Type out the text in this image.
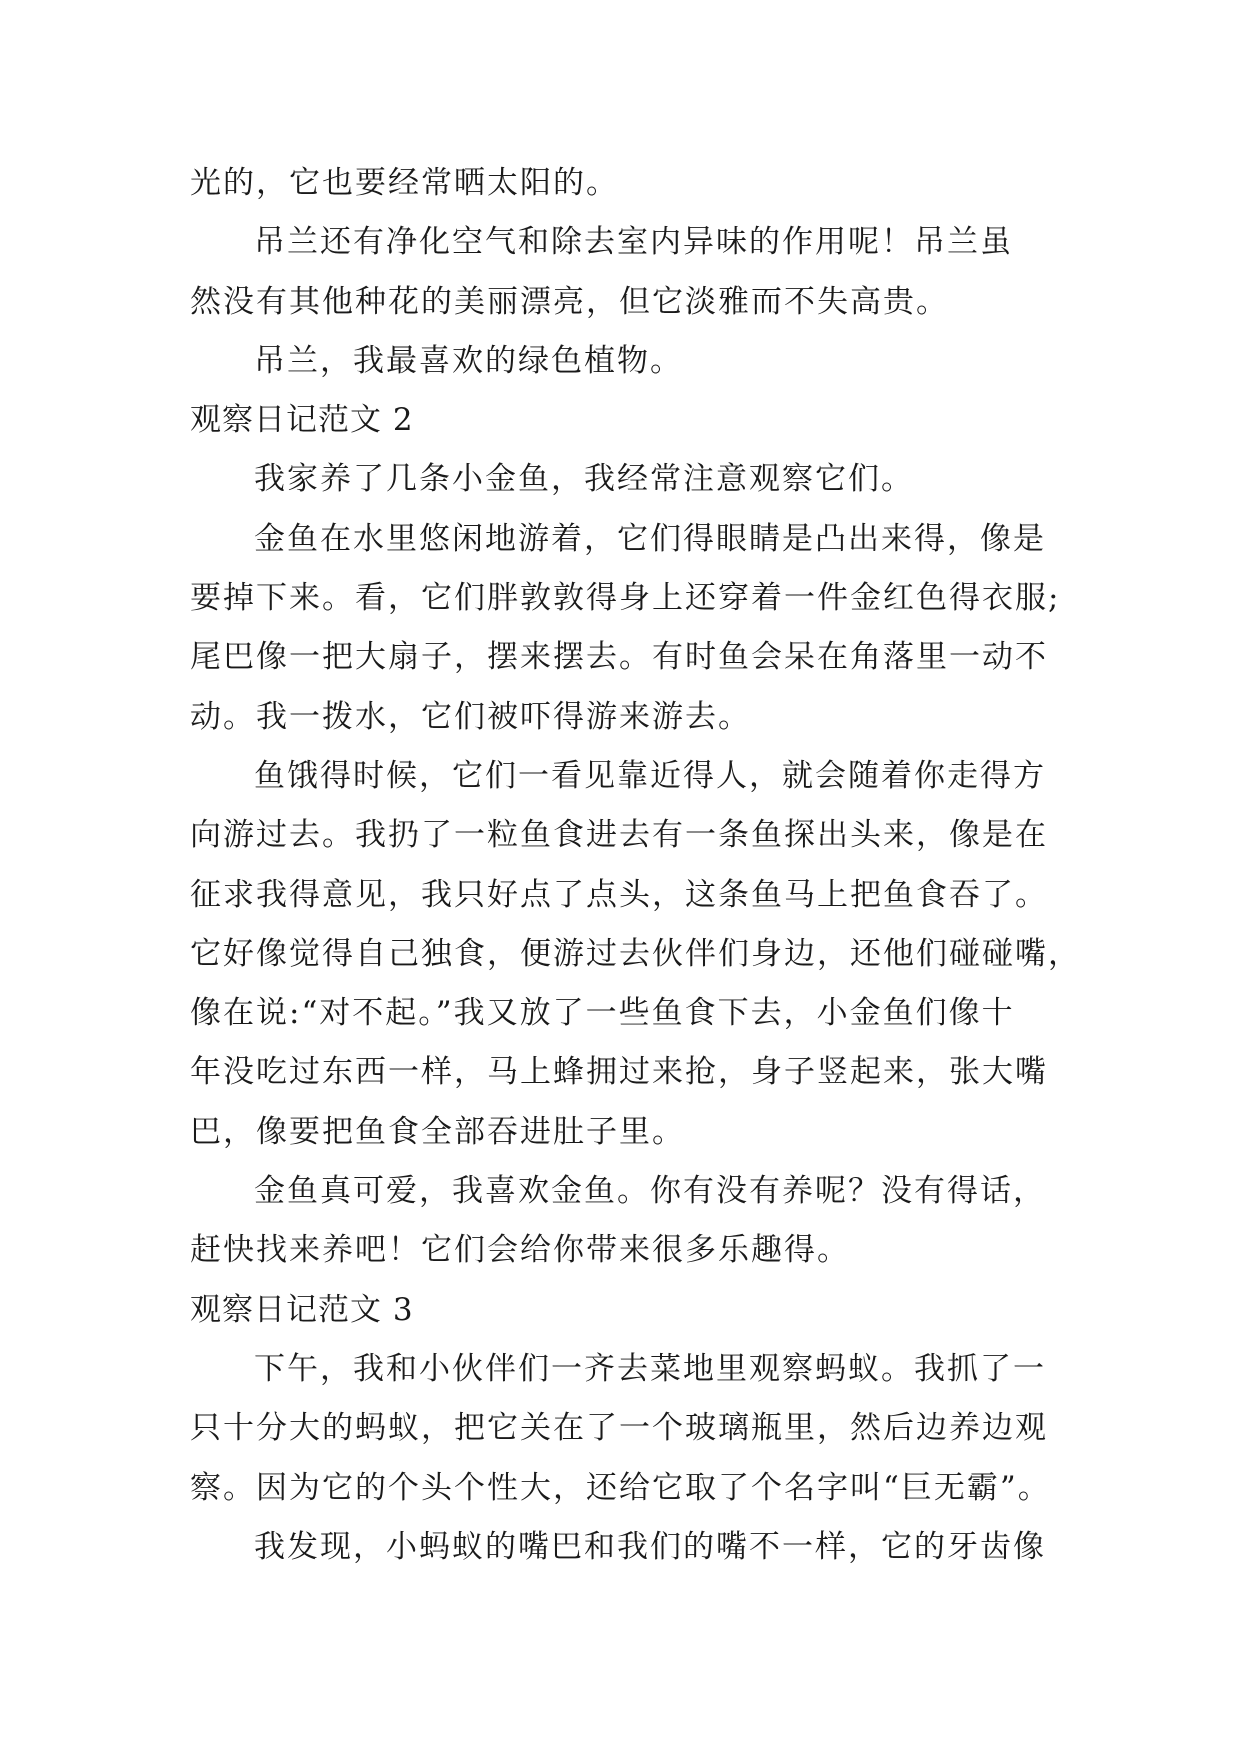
光的，它也要经常晒太阳的。
吊兰还有净化空气和除去室内异味的作用呢！吊兰虽
然没有其他种花的美丽漂亮，但它淡雅而不失高贵。
吊兰，我最喜欢的绿色植物。
观察日记范文 2
我家养了几条小金鱼，我经常注意观察它们。
金鱼在水里悠闲地游着，它们得眼睛是凸出来得，像是
要掉下来。看，它们胖敦敦得身上还穿着一件金红色得衣服;
尾巴像一把大扇子，摆来摆去。有时鱼会呆在角落里一动不
动。我一拨水，它们被吓得游来游去。
鱼饿得时候，它们一看见靠近得人，就会随着你走得方
向游过去。我扔了一粒鱼食进去有一条鱼探出头来，像是在
征求我得意见，我只好点了点头，这条鱼马上把鱼食吞了。
它好像觉得自己独食，便游过去伙伴们身边，还他们碰碰嘴，
像在说:“对不起。”我又放了一些鱼食下去，小金鱼们像十
年没吃过东西一样，马上蜂拥过来抢，身子竖起来，张大嘴
巴，像要把鱼食全部吞进肚子里。
金鱼真可爱，我喜欢金鱼。你有没有养呢？没有得话，
赶快找来养吧！它们会给你带来很多乐趣得。
观察日记范文 3
下午，我和小伙伴们一齐去菜地里观察蚂蚁。我抓了一
只十分大的蚂蚁，把它关在了一个玻璃瓶里，然后边养边观
察。因为它的个头个性大，还给它取了个名字叫“巨无霸”。
我发现，小蚂蚁的嘴巴和我们的嘴不一样，它的牙齿像
